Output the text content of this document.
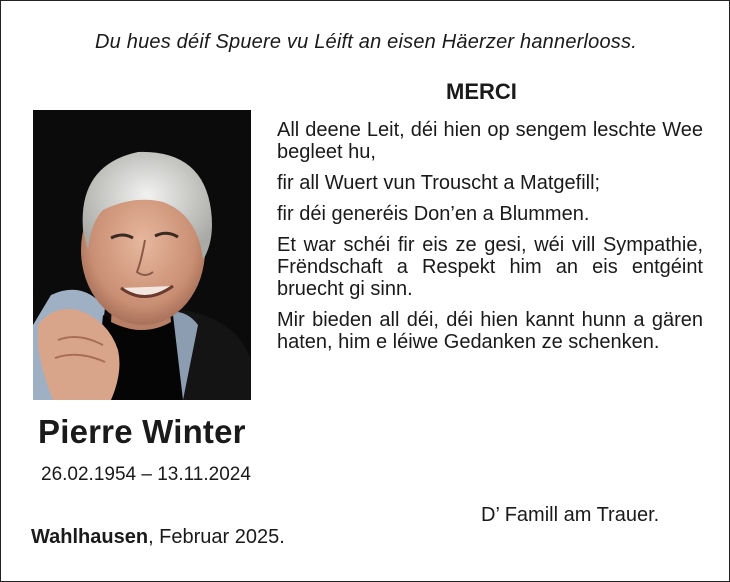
Du hues déif Spuere vu Léift an eisen Häerzer hannerlooss.
MERCI

All deene Leit, déi hien op sengem leschte Wee begleet hu,

fir all Wuert vun Trouscht a Matgefill;

fir déi generéis Don’en a Blummen.

Et war schéi fir eis ze gesi, wéi vill Sympathie, Frëndschaft a Respekt him an eis entgéint bruecht gi sinn.

Mir bieden all déi, déi hien kannt hunn a gären haten, him e léiwe Gedanken ze schenken.

Pierre Winter
26.02.1954 – 13.11.2024
D’ Famill am Trauer.
Wahlhausen, Februar 2025.
